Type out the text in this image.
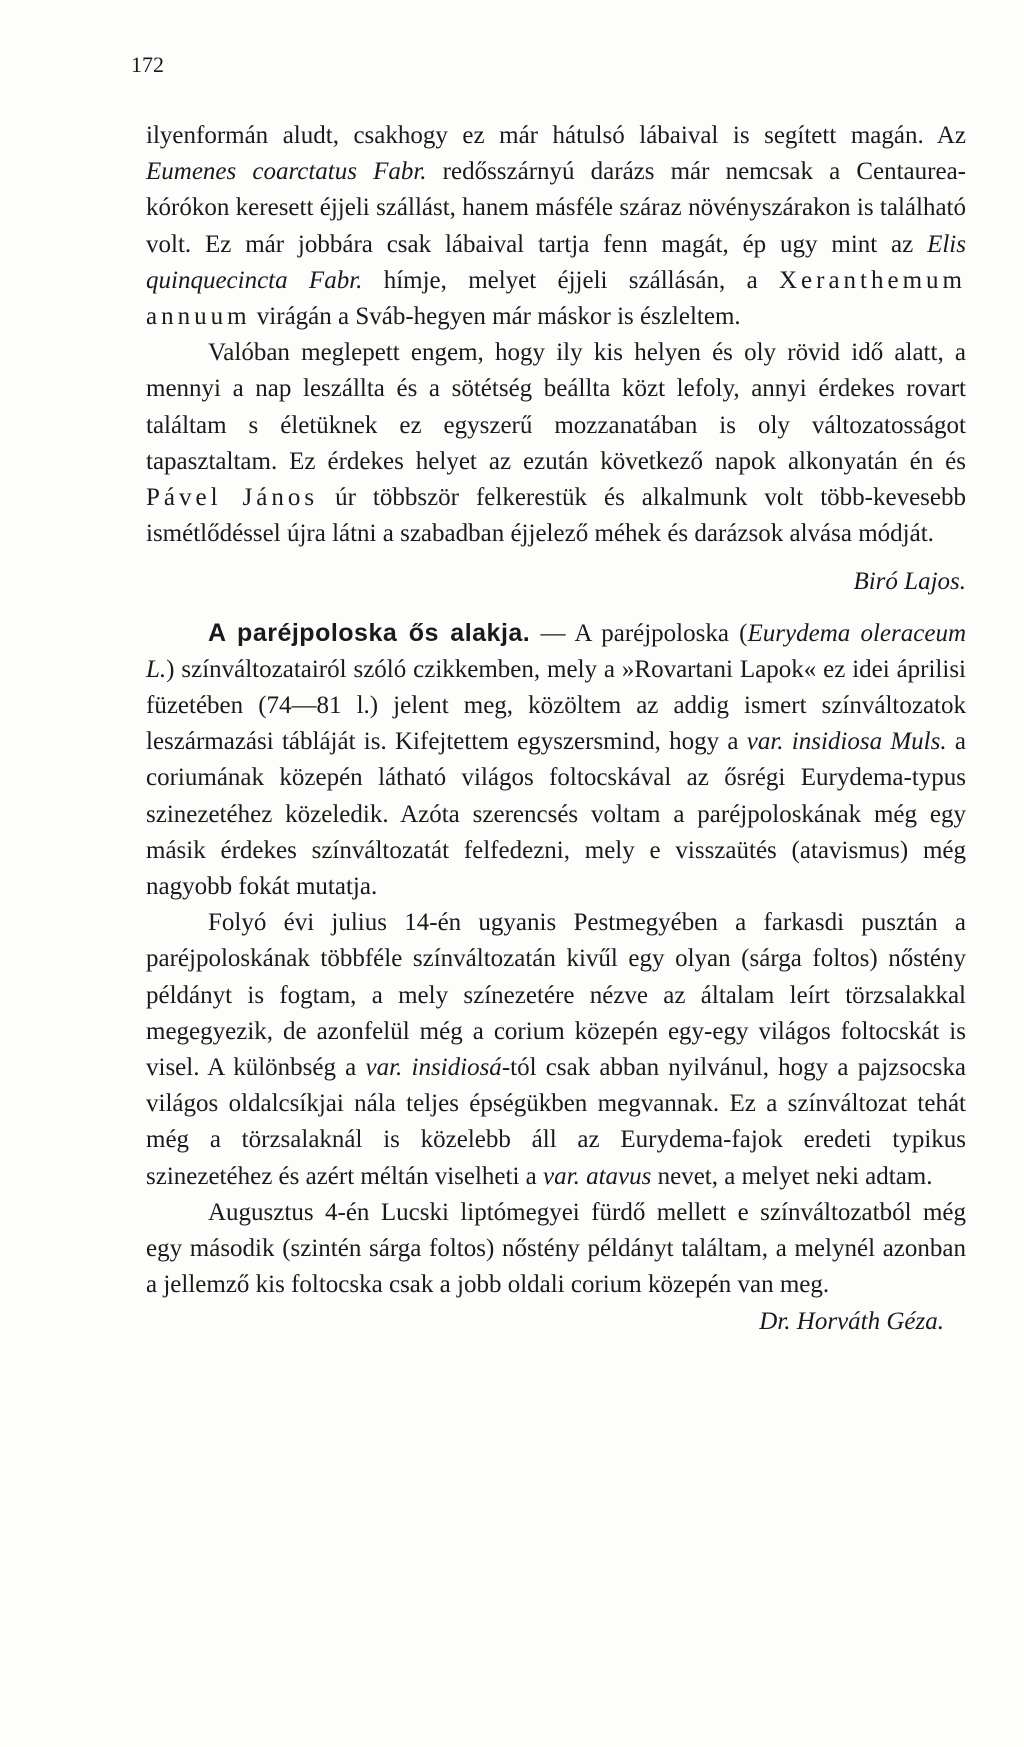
172

ilyenformán aludt, csakhogy ez már hátulsó lábaival is segített magán. Az Eumenes coarctatus Fabr. redősszárnyú darázs már nemcsak a Centaurea-kórókon keresett éjjeli szállást, hanem másféle száraz növényszárakon is található volt. Ez már jobbára csak lábaival tartja fenn magát, ép ugy mint az Elis quinquecincta Fabr. hímje, melyet éjjeli szállásán, a Xeranthemum annuum virágán a Sváb-hegyen már máskor is észleltem.

Valóban meglepett engem, hogy ily kis helyen és oly rövid idő alatt, a mennyi a nap leszállta és a sötétség beállta közt lefoly, annyi érdekes rovart találtam s életüknek ez egyszerű mozzanatában is oly változatosságot tapasztaltam. Ez érdekes helyet az ezután következő napok alkonyatán én és Pável János úr többször felkerestük és alkalmunk volt több-kevesebb ismétlődéssel újra látni a szabadban éjjelező méhek és darázsok alvása módját.

Biró Lajos.

A paréjpoloska ős alakja. — A paréjpoloska (Eurydema oleraceum L.) színváltozatairól szóló czikkemben, mely a »Rovartani Lapok« ez idei áprilisi füzetében (74—81 l.) jelent meg, közöltem az addig ismert színváltozatok leszármazási tábláját is. Kifejtettem egyszersmind, hogy a var. insidiosa Muls. a coriumának közepén látható világos foltocskával az ősrégi Eurydema-typus szinezetéhez közeledik. Azóta szerencsés voltam a paréjpoloskának még egy másik érdekes színváltozatát felfedezni, mely e visszaütés (atavismus) még nagyobb fokát mutatja.

Folyó évi julius 14-én ugyanis Pestmegyében a farkasdi pusztán a paréjpoloskának többféle színváltozatán kivűl egy olyan (sárga foltos) nőstény példányt is fogtam, a mely színezetére nézve az általam leírt törzsalakkal megegyezik, de azonfelül még a corium közepén egy-egy világos foltocskát is visel. A különbség a var. insidiosá-tól csak abban nyilvánul, hogy a pajzsocska világos oldalcsíkjai nála teljes épségükben megvannak. Ez a színváltozat tehát még a törzsalaknál is közelebb áll az Eurydema-fajok eredeti typikus szinezetéhez és azért méltán viselheti a var. atavus nevet, a melyet neki adtam.

Augusztus 4-én Lucski liptómegyei fürdő mellett e színváltozatból még egy második (szintén sárga foltos) nőstény példányt találtam, a melynél azonban a jellemző kis foltocska csak a jobb oldali corium közepén van meg.

Dr. Horváth Géza.
